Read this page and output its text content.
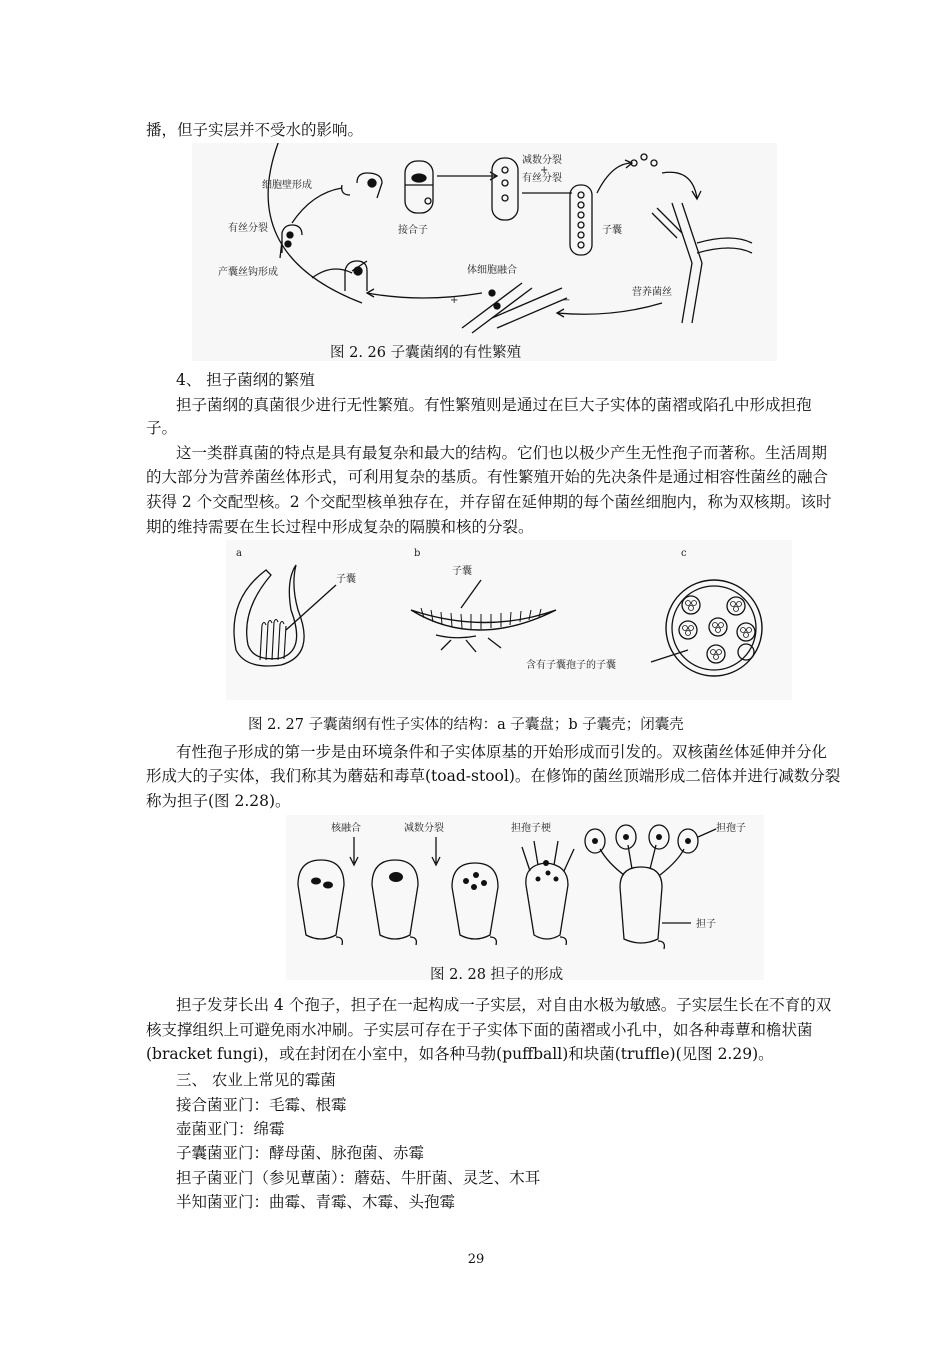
播，但子实层并不受水的影响。
细胞壁形成
有丝分裂
产囊丝钩形成
接合子
减数分裂
+
有丝分裂
子囊
体细胞融合
营养菌丝
+	−
图 2. 26 子囊菌纲的有性繁殖
4、 担子菌纲的繁殖
担子菌纲的真菌很少进行无性繁殖。有性繁殖则是通过在巨大子实体的菌褶或陷孔中形成担孢
子。
这一类群真菌的特点是具有最复杂和最大的结构。它们也以极少产生无性孢子而著称。生活周期
的大部分为营养菌丝体形式，可利用复杂的基质。有性繁殖开始的先决条件是通过相容性菌丝的融合
获得 2 个交配型核。2 个交配型核单独存在，并存留在延伸期的每个菌丝细胞内，称为双核期。该时
期的维持需要在生长过程中形成复杂的隔膜和核的分裂。
a	b	c
子囊
子囊
含有子囊孢子的子囊
图 2. 27 子囊菌纲有性子实体的结构：a 子囊盘；b 子囊壳；闭囊壳
有性孢子形成的第一步是由环境条件和子实体原基的开始形成而引发的。双核菌丝体延伸并分化
形成大的子实体，我们称其为蘑菇和毒草(toad-stool)。在修饰的菌丝顶端形成二倍体并进行减数分裂
称为担子(图 2.28)。
核融合	减数分裂	担孢子梗	担孢子
担子
图 2. 28 担子的形成
担子发芽长出 4 个孢子，担子在一起构成一子实层，对自由水极为敏感。子实层生长在不育的双
核支撑组织上可避免雨水冲刷。子实层可存在于子实体下面的菌褶或小孔中，如各种毒蕈和檐状菌
(bracket fungi)，或在封闭在小室中，如各种马勃(puffball)和块菌(truffle)(见图 2.29)。
三、 农业上常见的霉菌
接合菌亚门：毛霉、根霉
壶菌亚门：绵霉
子囊菌亚门：酵母菌、脉孢菌、赤霉
担子菌亚门（参见蕈菌）：蘑菇、牛肝菌、灵芝、木耳
半知菌亚门：曲霉、青霉、木霉、头孢霉
29
